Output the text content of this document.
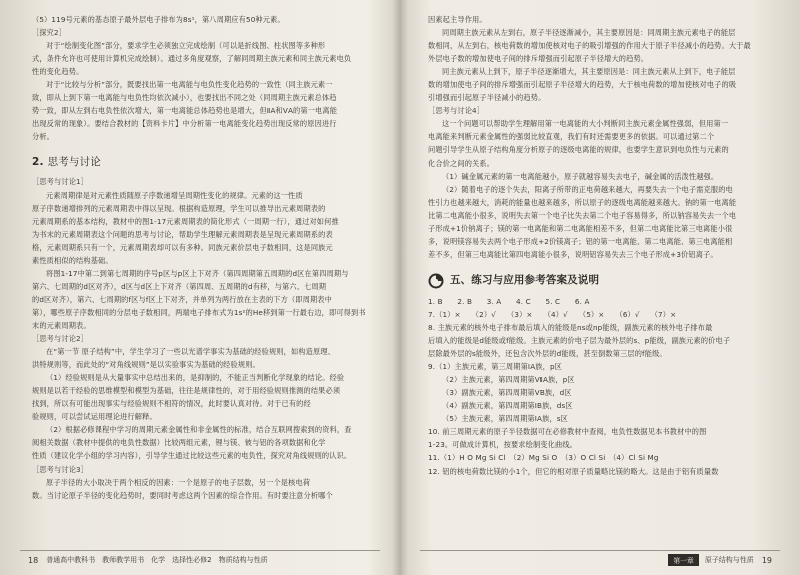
（5）119号元素的基态原子最外层电子排布为8s¹，第八周期应有50种元素。
［探究2］
对于“绘制变化图”部分，要求学生必须独立完成绘制（可以是折线图、柱状图等多种形
式，条件允许也可使用计算机完成绘制）。通过多角度观察，了解同周期主族元素和同主族元素电负
性的变化趋势。
对于“比较与分析”部分，既要找出第一电离能与电负性变化趋势的一致性（同主族元素一
致，即从上到下第一电离能与电负性均依次减小），也要找出不同之处（同周期主族元素总体趋
势一致，即从左到右电负性依次增大，第一电离能总体趋势也是增大，但ⅡA和ⅤA的第一电离能
出现反常的现象）。要结合教材的【资料卡片】中分析第一电离能变化趋势出现反常的原因进行
分析。
2. 思考与讨论
［思考与讨论1］
元素周期律是对元素性质随原子序数递增呈周期性变化的规律。元素的这一性质
原子序数递增排列的元素周期表中得以呈现。根据构造原理，学生可以推导出元素周期表的
元素周期系的基本结构，教材中的图1-17元素周期表的简化形式（一周期一行），通过对如何推
为书末的元素周期表这个问题的思考与讨论，帮助学生理解元素周期表是呈现元素周期系的表
格，元素周期系只有一个，元素周期表却可以有多种。同族元素价层电子数相同，这是同族元
素性质相似的结构基础。
将图1-17中第二到第七周期的序号p区与p区上下对齐（第四周期第五周期的d区在第四周期与
第六、七周期的d区对齐），d区与d区上下对齐（第四周、五周期的d有移，与第六、七周期
的d区对齐），第六、七周期的f区与f区上下对齐，并单列为两行放在主表的下方（即周期表中
第），哪些原子序数相同的分层电子数相同，两端电子排布式为1s²的He移到第一行最右边，即可得到书
末的元素周期表。
［思考与讨论2］
在“第一节 原子结构”中，学生学习了一些以光谱学事实为基础的经验规则，如构造原理、
洪特规则等，而此处的“对角线规则”是以实验事实为基础的经验规则。
（1）经验规则是从大量事实中总结出来的，是抑制的，不能正当判断化学现象的结论。经验
规则是以若干经验的思维模型和模型为基础，往往是规律性的，对于用经验规则推测的结果必须
找到，所以有可能出现事实与经验规则不相符的情况，此时要认真对待。对于已有的经
验规则，可以尝试运用理论进行解释。
（2）根据必修课程中学习的周期元素金属性和非金属性的标准，结合互联网搜索到的资料，查
阅相关数据（教材中提供的电负性数据）比较两组元素，锂与镁、铍与铝的各项数据和化学
性质（建议化学小组的学习内容），引导学生通过比较这些元素的电负性，探究对角线规则的认识。
［思考与讨论3］
原子半径的大小取决于两个相反的因素：一个是原子的电子层数，另一个是核电荷
数。当讨论原子半径的变化趋势时，要同时考虑这两个因素的综合作用。有时要注意分析哪个
18 普通高中教科书　教师教学用书　化学　选择性必修2　物质结构与性质
因素起主导作用。
同周期主族元素从左到右，原子半径逐渐减小，其主要原因是：同周期主族元素电子的能层
数相同，从左到右，核电荷数的增加使核对电子的吸引增强的作用大于原子半径减小的趋势。大于最
外层电子数的增加使电子间的排斥增强而引起原子半径增大的趋势。
同主族元素从上到下，原子半径逐渐增大，其主要原因是：同主族元素从上到下，电子能层
数的增加使电子间的排斥增强而引起原子半径增大的趋势，大于核电荷数的增加使核对电子的吸
引增强而引起原子半径减小的趋势。
［思考与讨论4］
这一个问题可以帮助学生理解用第一电离能的大小判断同主族元素金属性强弱，但用第一
电离能来判断元素金属性的强弱比较直观，我们有时还需要更多的依据。可以通过第二个
问题引导学生从原子结构角度分析原子的逐级电离能的规律，也要学生意识到电负性与元素的
化合价之间的关系。
（1）碱金属元素的第一电离能越小，原子就越容易失去电子，碱金属的活泼性越强。
（2）随着电子的逐个失去，阳离子所带的正电荷越来越大，再要失去一个电子需克服的电
性引力也越来越大，消耗的能量也越来越多，所以原子的逐级电离能越来越大。钠的第一电离能
比第二电离能小很多，说明失去第一个电子比失去第二个电子容易得多，所以钠容易失去一个电
子形成+1价钠离子；镁的第一电离能和第二电离能相差不多，但第二电离能比第三电离能小很
多，说明镁容易失去两个电子形成+2价镁离子；铝的第一电离能、第二电离能、第三电离能相
差不多，但第三电离能比第四电离能小很多，说明铝容易失去三个电子形成+3价铝离子。
五、练习与应用参考答案及说明
1. B　　2. B　　3. A　　4. C　　5. C　　6. A
7.（1）×　　（2）√　　（3）×　　（4）√　　（5）×　　（6）√　　（7）×
8. 主族元素的核外电子排布最后填入的能级是ns或np能级，副族元素的核外电子排布最
后填入的能级是d能级或f能级。主族元素的价电子层为最外层的s、p能级，副族元素的价电子
层除最外层的s能级外，还包含次外层的d能级，甚至倒数第三层的f能级。
9.（1）主族元素，第三周期第ⅠA族，p区
（2）主族元素，第四周期第ⅦA族，p区
（3）副族元素，第四周期第ⅤB族，d区
（4）副族元素，第四周期第ⅠB族，ds区
（5）主族元素，第四周期第ⅠA族，s区
10. 前三周期元素的原子半径数据可在必修教材中查阅，电负性数据见本书教材中的图
1-23。可做成计算机，按要求绘制变化曲线。
11.（1）H O Mg Si Cl　（2）Mg Si O　（3）O Cl Si　（4）Cl Si Mg
12. 铝的核电荷数比镁的小1个，但它的相对原子质量略比镁的略大。这是由于铝有质量数
第一章	原子结构与性质 19
